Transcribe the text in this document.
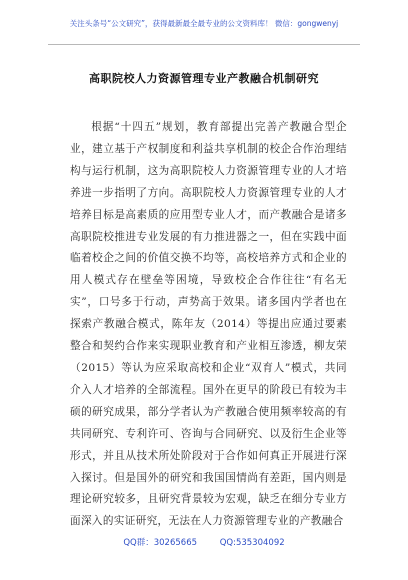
关注头条号“公文研究”，获得最新最全最专业的公文资料库！ 微信：gongwenyj
高职院校人力资源管理专业产教融合机制研究

根据“十四五”规划，教育部提出完善产教融合型企业，建立基于产权制度和利益共享机制的校企合作治理结构与运行机制，这为高职院校人力资源管理专业的人才培养进一步指明了方向。高职院校人力资源管理专业的人才培养目标是高素质的应用型专业人才，而产教融合是诸多高职院校推进专业发展的有力推进器之一，但在实践中面临着校企之间的价值交换不均等，高校培养方式和企业的用人模式存在壁垒等困境，导致校企合作往往“有名无实”，口号多于行动，声势高于效果。诸多国内学者也在探索产教融合模式，陈年友（2014）等提出应通过要素整合和契约合作来实现职业教育和产业相互渗透，柳友荣（2015）等认为应采取高校和企业“双育人”模式，共同介入人才培养的全部流程。国外在更早的阶段已有较为丰硕的研究成果，部分学者认为产教融合使用频率较高的有共同研究、专利许可、咨询与合同研究、以及衍生企业等形式，并且从技术所处阶段对于合作如何真正开展进行深入探讨。但是国外的研究和我国国情尚有差距，国内则是理论研究较多，且研究背景较为宏观，缺乏在细分专业方面深入的实证研究，无法在人力资源管理专业的产教融合

QQ群：30265665	QQ:535304092
